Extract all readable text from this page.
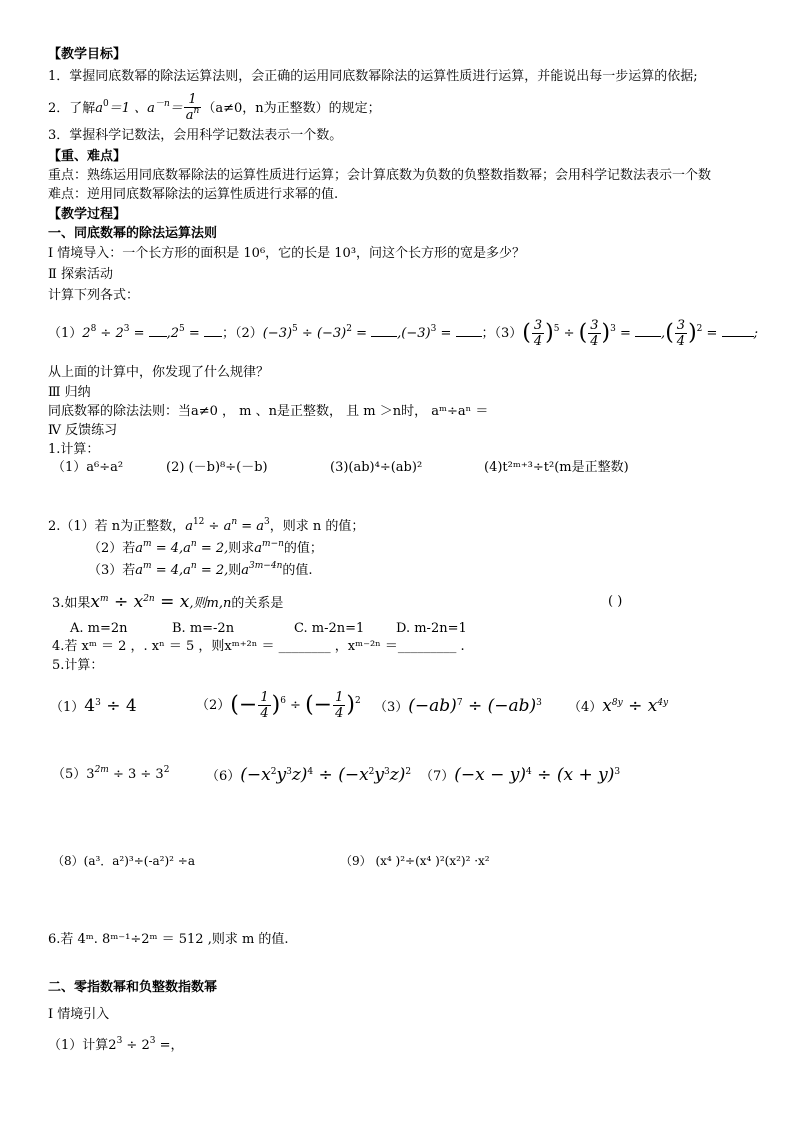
【教学目标】
1．掌握同底数幂的除法运算法则，会正确的运用同底数幂除法的运算性质进行运算，并能说出每一步运算的依据;
2．了解$a^0=1$ 、$a^{-n}= \frac{1}{a^n} (a\ne 0$，n为正整数）的规定；
3．掌握科学记数法，会用科学记数法表示一个数。
【重、难点】
重点：熟练运用同底数幂除法的运算性质进行运算；会计算底数为负数的负整数指数幂；会用科学记数法表示一个数
难点：逆用同底数幂除法的运算性质进行求幂的值.
【教学过程】
一、同底数幂的除法运算法则
Ⅰ 情境导入：一个长方形的面积是 10⁶，它的长是 10³，问这个长方形的宽是多少？
Ⅱ 探索活动
计算下列各式：
$(1)2^8 \div 2^3 = ,2^5$ = ；$(2)(-3)^5 \div (-3)^2 = ,(-3)^3$ = ；$(3)( \frac{3}{4} )^5$ ÷ ( $\frac{3}{4} )^3$ = ,( $\frac{3}{4} )^2$ = ;
从上面的计算中，你发现了什么规律？
Ⅲ 归纳
同底数幂的除法法则：当a≠0 ， m 、n是正整数， 且 m ＞n时， aᵐ÷aⁿ ＝
Ⅳ 反馈练习
1.计算：
（1）a⁶÷a²	(2) (－b)⁸÷(－b)	(3)(ab)⁴÷(ab)²	(4)t²ᵐ⁺³÷t²(m是正整数)
2.（1）若 n为正整数，$a^{12} \div a^n = a^3$，则求 n 的值；
（2）若$a^m = 4,a^n = 2$,则求$a^{m-n}$的值；
（3）若$a^m = 4,a^n = 2$,则$a^{3m-4n}$的值.
3.如果$x^m \div x^{2n} = x$,则m,n的关系是	( )
A. m=2n	B. m=-2n	C. m-2n=1 D. m-2n=1
4.若 xᵐ ＝ 2 ，. xⁿ ＝ 5 ，则xᵐ⁺²ⁿ ＝ ________ ，xᵐ⁻²ⁿ ＝_________ .
5.计算：
$(1)4^3 \div 4$	$(2)(- \frac{1}{4} )^6$ ÷ (− $\frac{1}{4} )^2$ $(3)(-ab)^7 \div (-ab)^3$ $(4)x^{8y} \div x^{4y}$
$(5)3^{2m} \div 3 \div 3^2$	$(6)(-x^2y^3z)^4 \div (-x^2y^3z)^2$ $(7)(-x - y)^4 \div (x + y)^3$
（8）(a³．a²)³÷(-a²)² ÷a	（9） (x⁴ )²÷(x⁴ )²(x²)² ·x²
6.若 4ᵐ. 8ᵐ⁻¹÷2ᵐ ＝ 512 ,则求 m 的值.
二、零指数幂和负整数指数幂
Ⅰ 情境引入
（1）计算$2^3 \div 2^3$ =，
